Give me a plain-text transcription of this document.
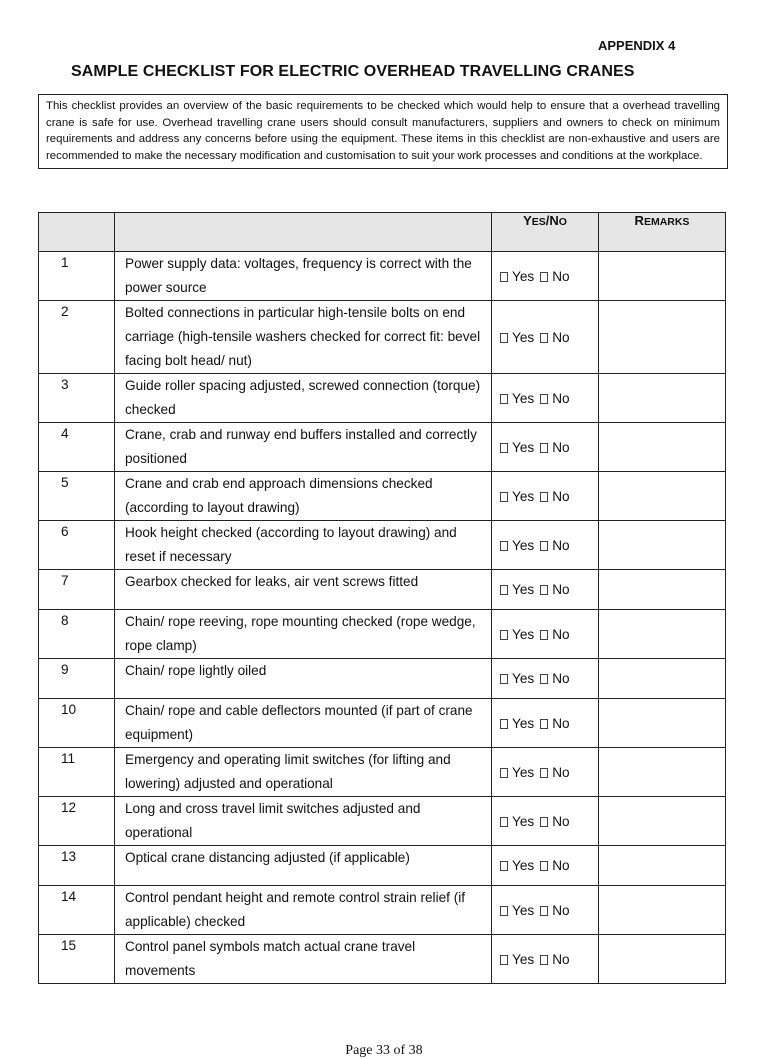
APPENDIX 4
SAMPLE CHECKLIST FOR ELECTRIC OVERHEAD TRAVELLING CRANES
This checklist provides an overview of the basic requirements to be checked which would help to ensure that a overhead travelling crane is safe for use. Overhead travelling crane users should consult manufacturers, suppliers and owners to check on minimum requirements and address any concerns before using the equipment. These items in this checklist are non-exhaustive and users are recommended to make the necessary modification and customisation to suit your work processes and conditions at the workplace.
		YES/NO	REMARKS
1	Power supply data: voltages, frequency is correct with the power source	Yes No	
2	Bolted connections in particular high-tensile bolts on end carriage (high-tensile washers checked for correct fit: bevel facing bolt head/ nut)	Yes No	
3	Guide roller spacing adjusted, screwed connection (torque) checked	Yes No	
4	Crane, crab and runway end buffers installed and correctly positioned	Yes No	
5	Crane and crab end approach dimensions checked (according to layout drawing)	Yes No	
6	Hook height checked (according to layout drawing) and reset if necessary	Yes No	
7	Gearbox checked for leaks, air vent screws fitted	Yes No	
8	Chain/ rope reeving, rope mounting checked (rope wedge, rope clamp)	Yes No	
9	Chain/ rope lightly oiled	Yes No	
10	Chain/ rope and cable deflectors mounted (if part of crane equipment)	Yes No	
11	Emergency and operating limit switches (for lifting and lowering) adjusted and operational	Yes No	
12	Long and cross travel limit switches adjusted and operational	Yes No	
13	Optical crane distancing adjusted (if applicable)	Yes No	
14	Control pendant height and remote control strain relief (if applicable) checked	Yes No	
15	Control panel symbols match actual crane travel movements	Yes No	
Page 33 of 38
